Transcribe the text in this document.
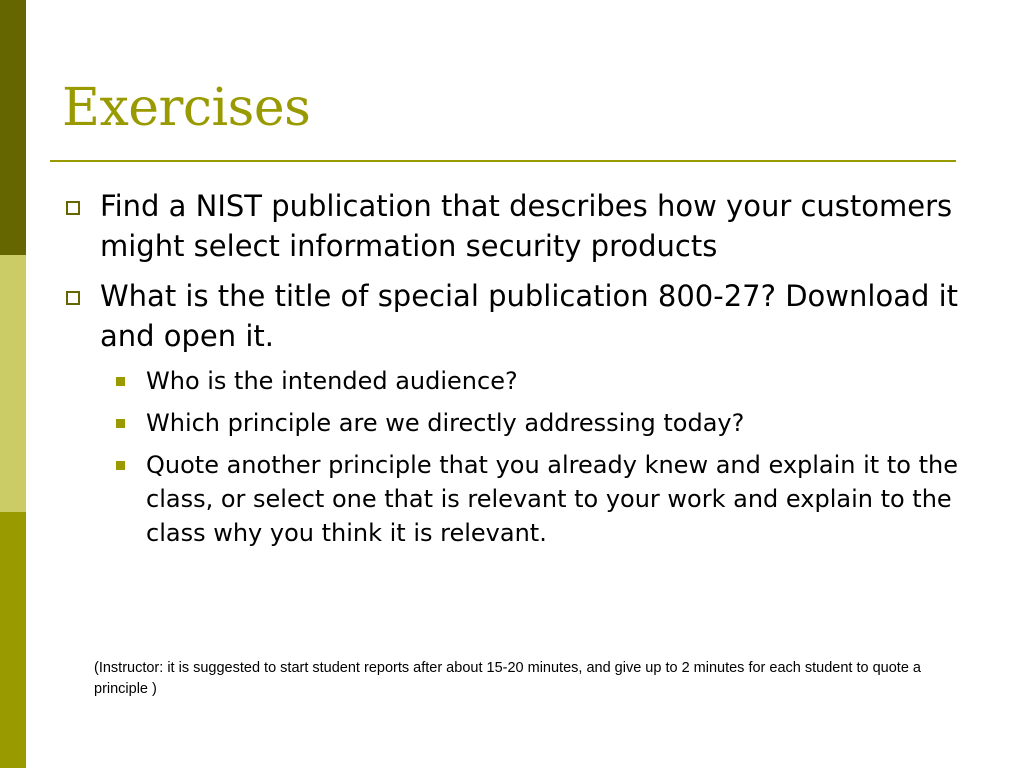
Exercises
Find a NIST publication that describes how your customers might select information security products
What is the title of special publication 800-27? Download it and open it.
Who is the intended audience?
Which principle are we directly addressing today?
Quote another principle that you already knew and explain it to the class, or select one that is relevant to your work and explain to the class why you think it is relevant.

(Instructor: it is suggested to start student reports after about 15-20 minutes, and give up to 2 minutes for each student to quote a principle )
